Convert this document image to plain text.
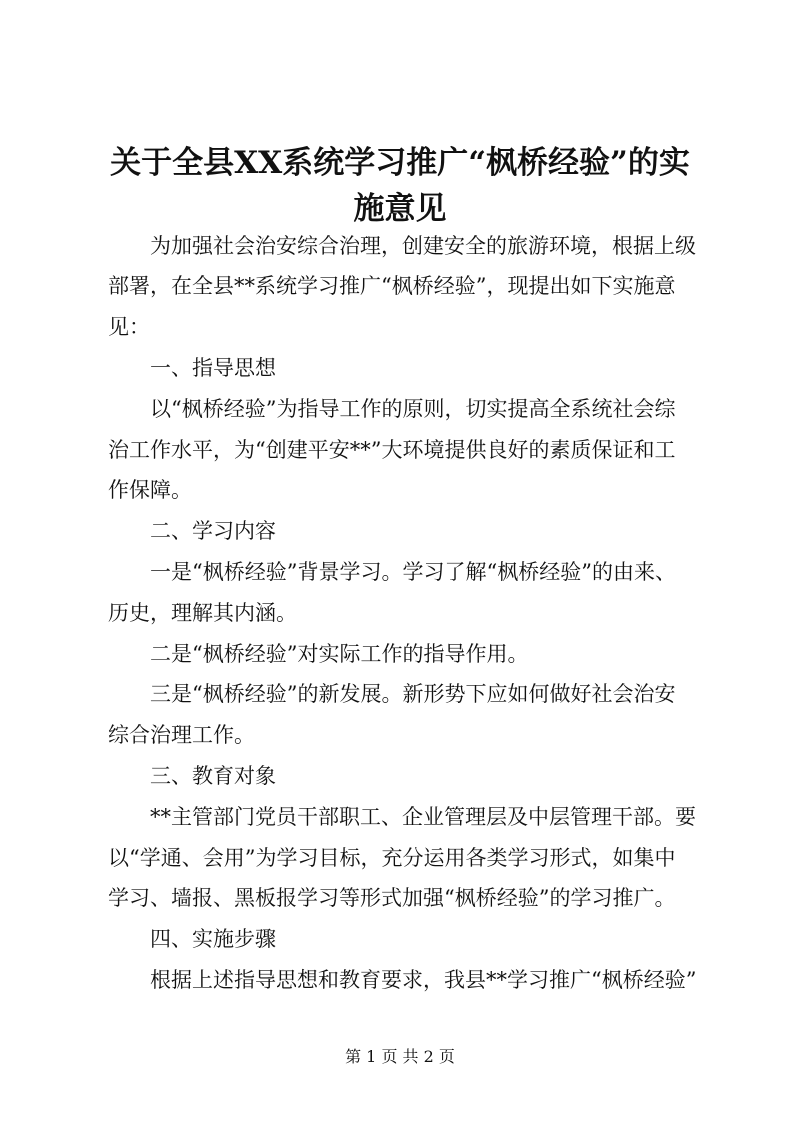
关于全县XX系统学习推广“枫桥经验”的实
施意见

为加强社会治安综合治理，创建安全的旅游环境，根据上级

部署，在全县**系统学习推广“枫桥经验”，现提出如下实施意

见：

一、指导思想

以“枫桥经验”为指导工作的原则，切实提高全系统社会综

治工作水平，为“创建平安**”大环境提供良好的素质保证和工

作保障。

二、学习内容

一是“枫桥经验”背景学习。学习了解“枫桥经验”的由来、

历史，理解其内涵。

二是“枫桥经验”对实际工作的指导作用。

三是“枫桥经验”的新发展。新形势下应如何做好社会治安

综合治理工作。

三、教育对象

**主管部门党员干部职工、企业管理层及中层管理干部。要

以“学通、会用”为学习目标，充分运用各类学习形式，如集中

学习、墙报、黑板报学习等形式加强“枫桥经验”的学习推广。

四、实施步骤

根据上述指导思想和教育要求，我县**学习推广“枫桥经验”

第 1 页 共 2 页
